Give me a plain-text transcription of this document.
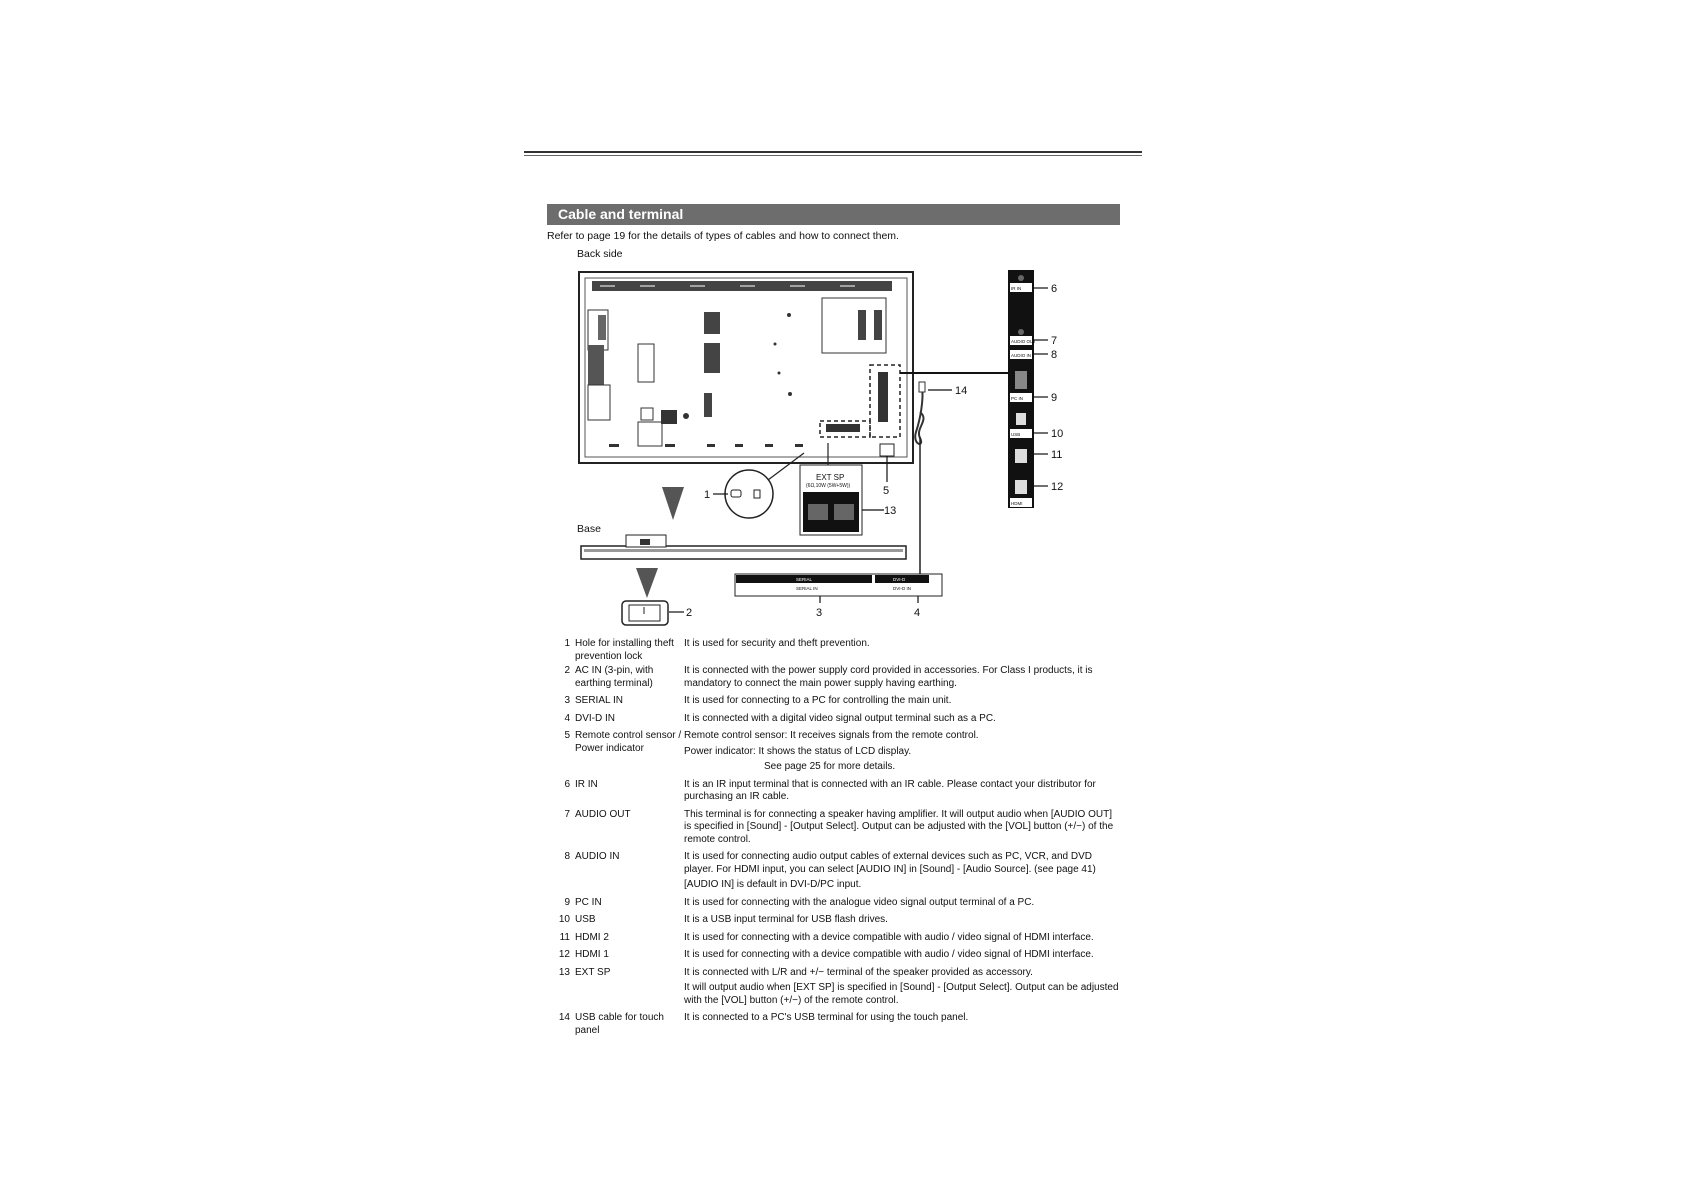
Cable and terminal
Refer to page 19 for the details of types of cables and how to connect them.
Back side
Base
IR IN
AUDIO OUT
AUDIO IN
PC IN
USB
HDMI
6
7
8
9
10
11
12
14
1
EXT SP
(6Ω,10W (5W+5W))
13
5
SERIAL	DVI-D
SERIAL IN	DVI-D IN
3	4
2
1	Hole for installing theft prevention lock	It is used for security and theft prevention.

2	AC IN (3-pin, with earthing terminal)	It is connected with the power supply cord provided in accessories. For Class I products, it is mandatory to connect the main power supply having earthing.

3	SERIAL IN	It is used for connecting to a PC for controlling the main unit.

4	DVI-D IN	It is connected with a digital video signal output terminal such as a PC.

5	Remote control sensor / Power indicator	Remote control sensor: It receives signals from the remote control.

Power indicator: It shows the status of LCD display.

See page 25 for more details.

6	IR IN	It is an IR input terminal that is connected with an IR cable. Please contact your distributor for purchasing an IR cable.

7	AUDIO OUT	This terminal is for connecting a speaker having amplifier. It will output audio when [AUDIO OUT] is specified in [Sound] - [Output Select]. Output can be adjusted with the [VOL] button (+/−) of the remote control.

8	AUDIO IN	It is used for connecting audio output cables of external devices such as PC, VCR, and DVD player. For HDMI input, you can select [AUDIO IN] in [Sound] - [Audio Source]. (see page 41)

[AUDIO IN] is default in DVI-D/PC input.

9	PC IN	It is used for connecting with the analogue video signal output terminal of a PC.

10	USB	It is a USB input terminal for USB flash drives.

11	HDMI 2	It is used for connecting with a device compatible with audio / video signal of HDMI interface.

12	HDMI 1	It is used for connecting with a device compatible with audio / video signal of HDMI interface.

13	EXT SP	It is connected with L/R and +/− terminal of the speaker provided as accessory.

It will output audio when [EXT SP] is specified in [Sound] - [Output Select]. Output can be adjusted with the [VOL] button (+/−) of the remote control.

14	USB cable for touch panel	It is connected to a PC's USB terminal for using the touch panel.
